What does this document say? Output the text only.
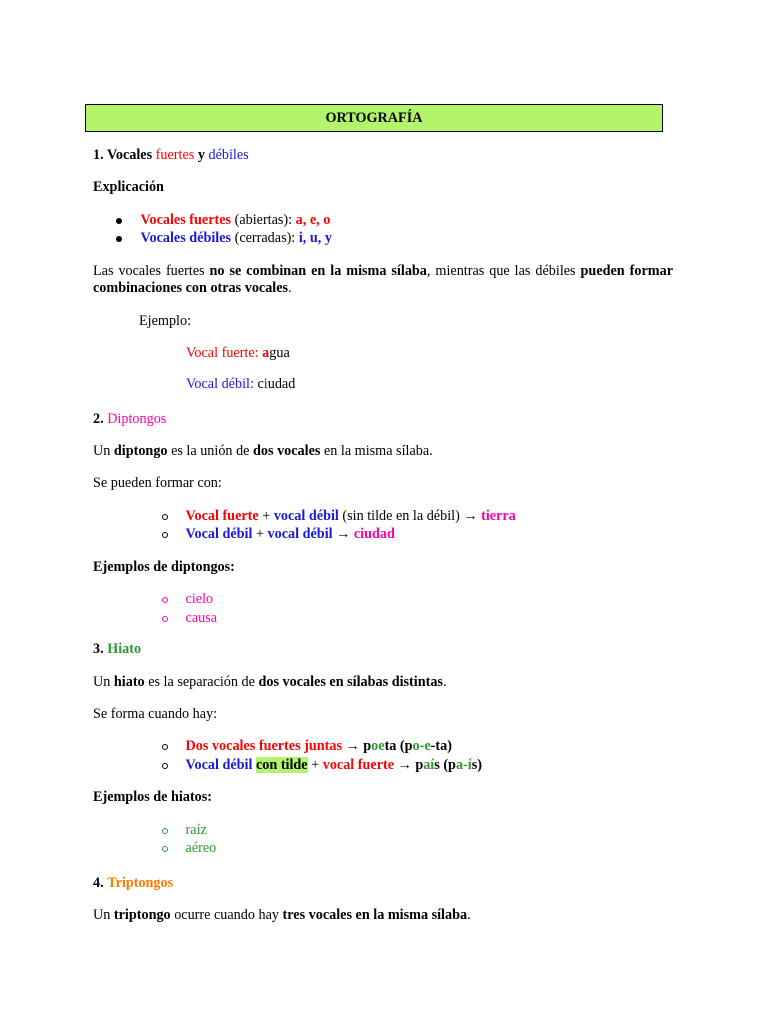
ORTOGRAFÍA
1. Vocales fuertes y débiles
Explicación
Vocales fuertes (abiertas): a, e, o
Vocales débiles (cerradas): i, u, y
Las vocales fuertes no se combinan en la misma sílaba, mientras que las débiles pueden formar combinaciones con otras vocales.
Ejemplo:
Vocal fuerte: agua
Vocal débil: ciudad
2. Diptongos
Un diptongo es la unión de dos vocales en la misma sílaba.
Se pueden formar con:
Vocal fuerte + vocal débil (sin tilde en la débil) → tierra
Vocal débil + vocal débil → ciudad
Ejemplos de diptongos:
cielo
causa
3. Hiato
Un hiato es la separación de dos vocales en sílabas distintas.
Se forma cuando hay:
Dos vocales fuertes juntas → poeta (po-e-ta)
Vocal débil con tilde + vocal fuerte → país (pa-ís)
Ejemplos de hiatos:
raíz
aéreo
4. Triptongos
Un triptongo ocurre cuando hay tres vocales en la misma sílaba.
